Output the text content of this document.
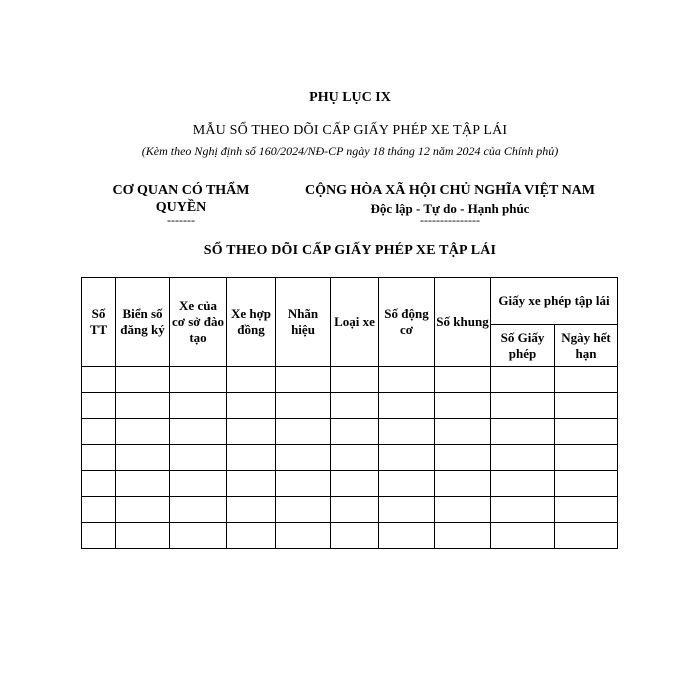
PHỤ LỤC IX
MẪU SỔ THEO DÕI CẤP GIẤY PHÉP XE TẬP LÁI
(Kèm theo Nghị định số 160/2024/NĐ-CP ngày 18 tháng 12 năm 2024 của Chính phủ)
CƠ QUAN CÓ THẨM QUYỀN
-------
CỘNG HÒA XÃ HỘI CHỦ NGHĨA VIỆT NAM
Độc lập - Tự do - Hạnh phúc
---------------
SỔ THEO DÕI CẤP GIẤY PHÉP XE TẬP LÁI
Số TT	Biển số đăng ký	Xe của cơ sở đào tạo	Xe hợp đồng	Nhãn hiệu	Loại xe	Số động cơ	Số khung	Giấy xe phép tập lái	
								Số Giấy phép	Ngày hết hạn
